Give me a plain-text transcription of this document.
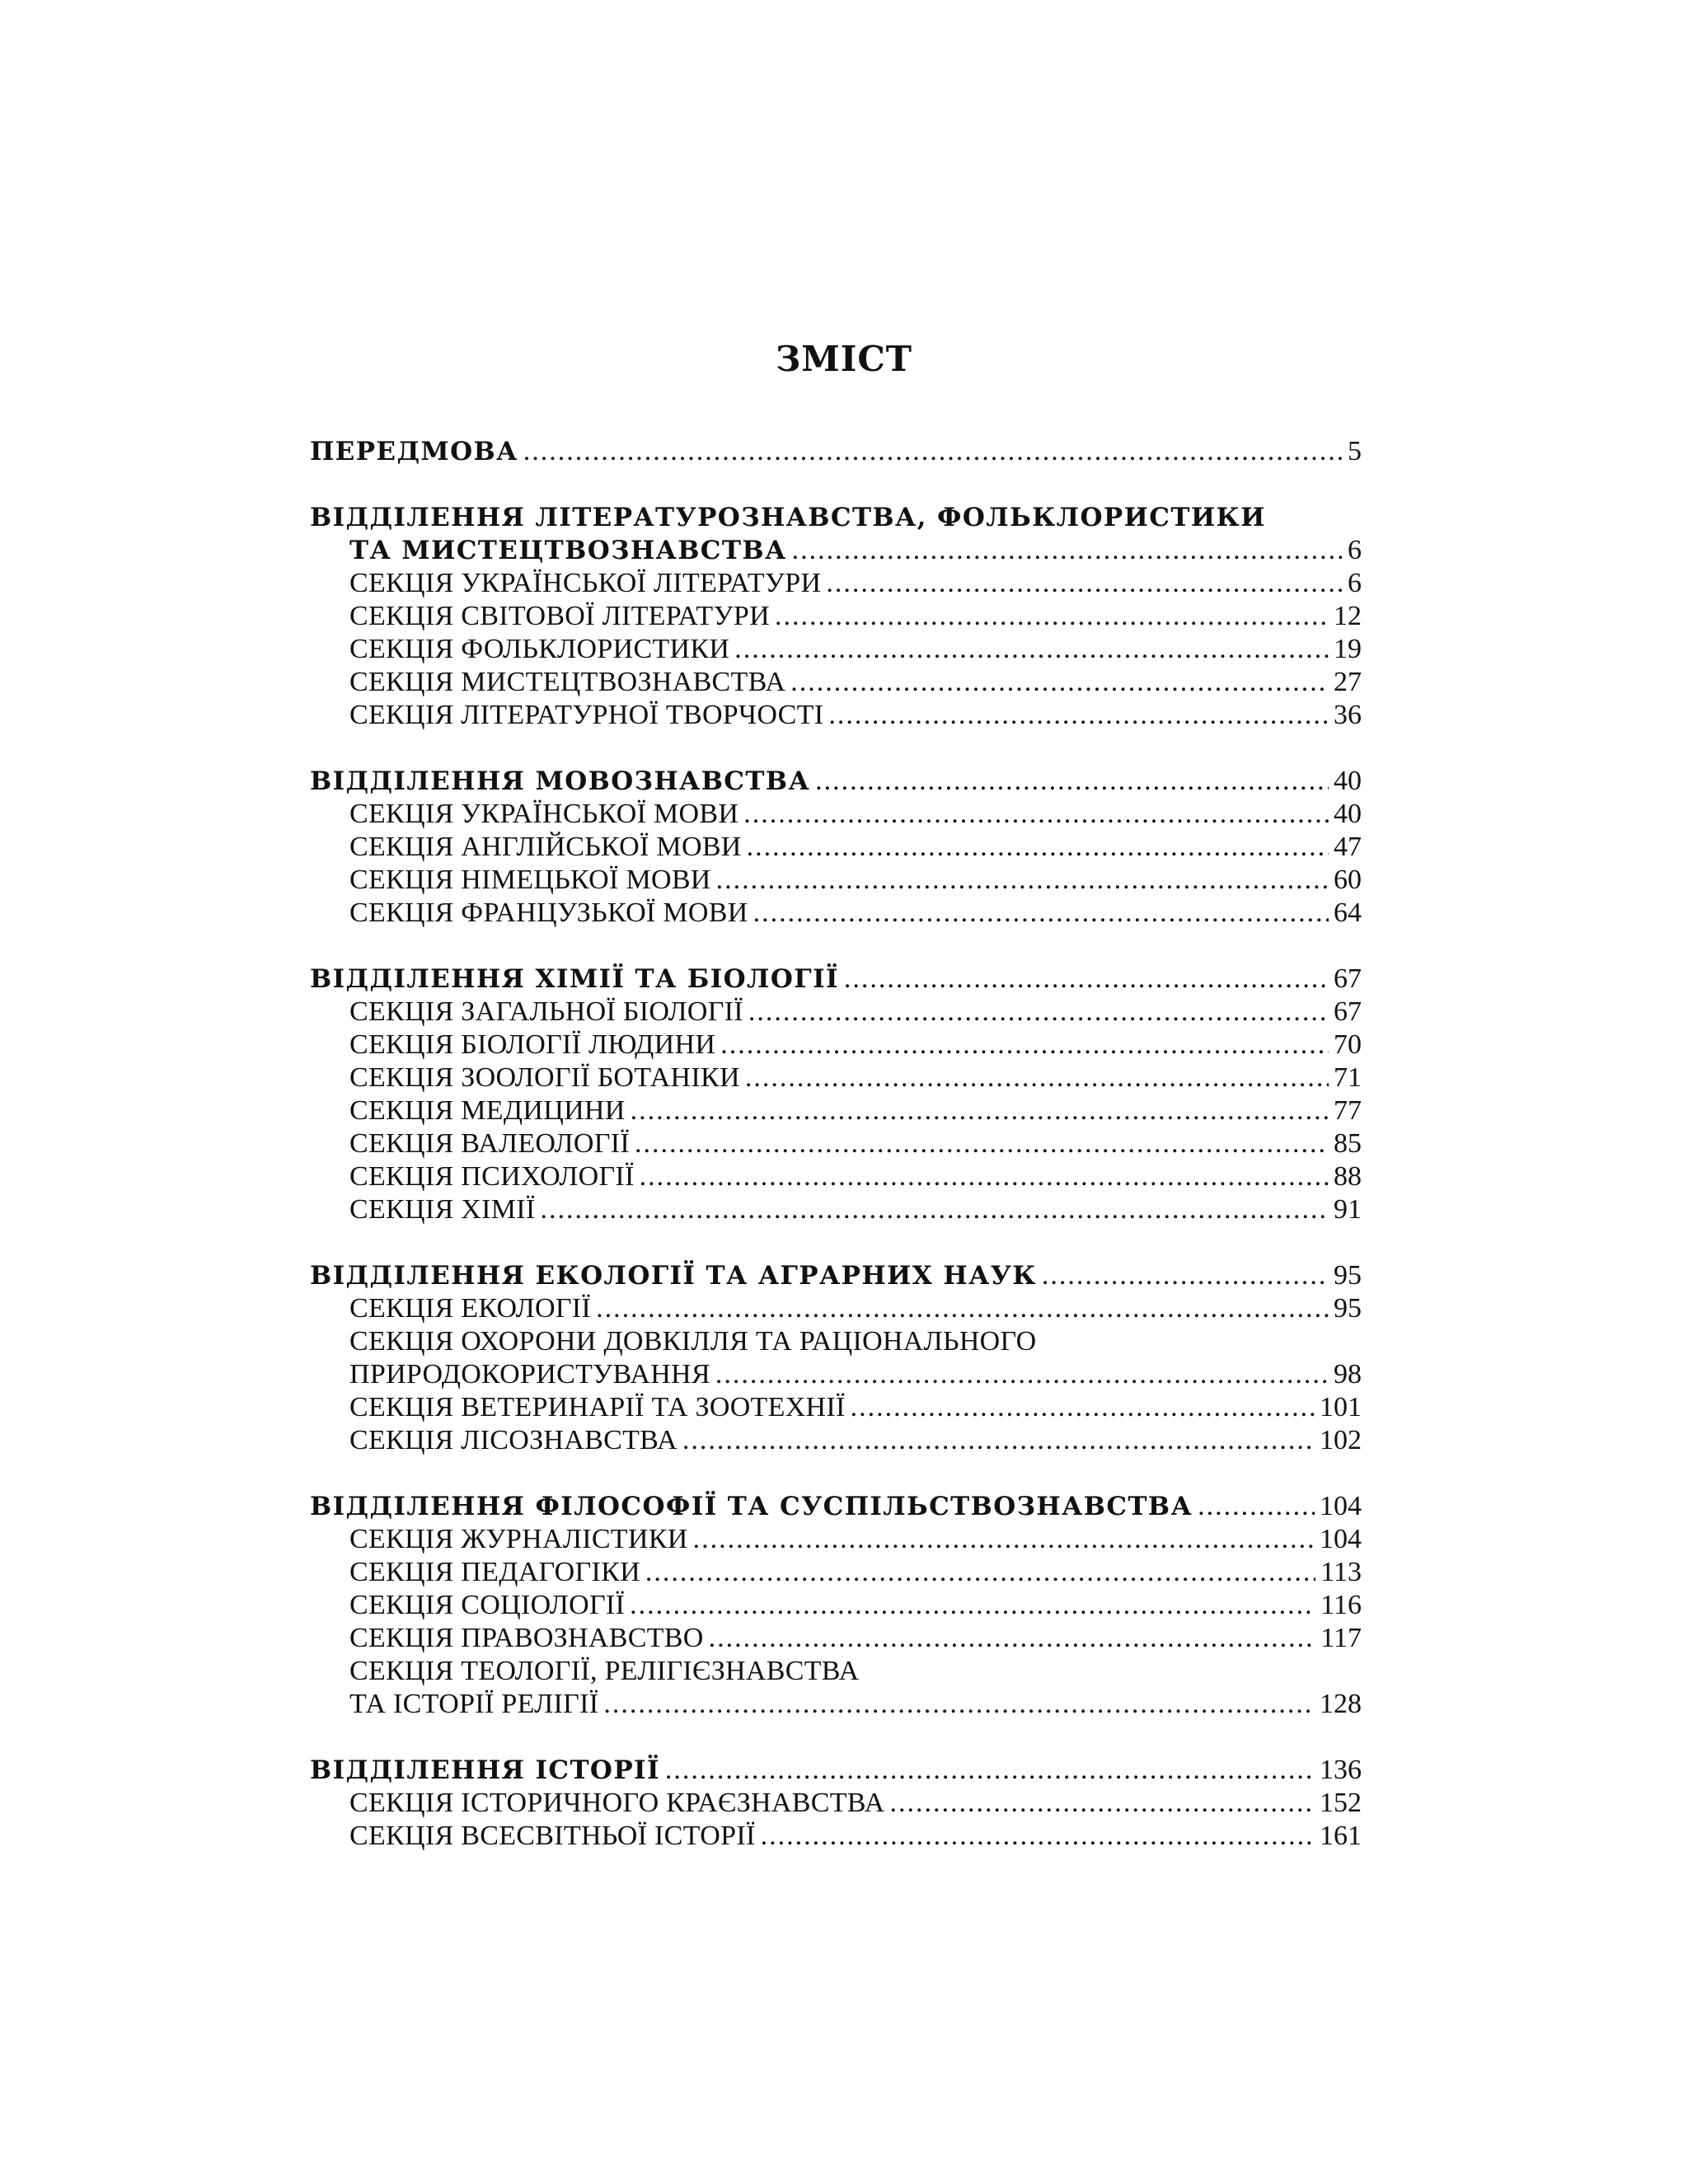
ЗМІСТ
ПЕРЕДМОВА .....	5
ВІДДІЛЕННЯ ЛІТЕРАТУРОЗНАВСТВА, ФОЛЬКЛОРИСТИКИ
ТА МИСТЕЦТВОЗНАВСТВА .....	6
СЕКЦІЯ УКРАЇНСЬКОЇ ЛІТЕРАТУРИ .....	6
СЕКЦІЯ СВІТОВОЇ ЛІТЕРАТУРИ .....	12
СЕКЦІЯ ФОЛЬКЛОРИСТИКИ .....	19
СЕКЦІЯ МИСТЕЦТВОЗНАВСТВА .....	27
СЕКЦІЯ ЛІТЕРАТУРНОЇ ТВОРЧОСТІ .....	36
ВІДДІЛЕННЯ МОВОЗНАВСТВА .....	40
СЕКЦІЯ УКРАЇНСЬКОЇ МОВИ .....	40
СЕКЦІЯ АНГЛІЙСЬКОЇ МОВИ .....	47
СЕКЦІЯ НІМЕЦЬКОЇ МОВИ .....	60
СЕКЦІЯ ФРАНЦУЗЬКОЇ МОВИ .....	64
ВІДДІЛЕННЯ ХІМІЇ ТА БІОЛОГІЇ .....	67
СЕКЦІЯ ЗАГАЛЬНОЇ БІОЛОГІЇ .....	67
СЕКЦІЯ БІОЛОГІЇ ЛЮДИНИ .....	70
СЕКЦІЯ ЗООЛОГІЇ БОТАНІКИ .....	71
СЕКЦІЯ МЕДИЦИНИ .....	77
СЕКЦІЯ ВАЛЕОЛОГІЇ .....	85
СЕКЦІЯ ПСИХОЛОГІЇ .....	88
СЕКЦІЯ ХІМІЇ .....	91
ВІДДІЛЕННЯ ЕКОЛОГІЇ ТА АГРАРНИХ НАУК .....	95
СЕКЦІЯ ЕКОЛОГІЇ .....	95
СЕКЦІЯ ОХОРОНИ ДОВКІЛЛЯ ТА РАЦІОНАЛЬНОГО
ПРИРОДОКОРИСТУВАННЯ .....	98
СЕКЦІЯ ВЕТЕРИНАРІЇ ТА ЗООТЕХНІЇ .....	101
СЕКЦІЯ ЛІСОЗНАВСТВА .....	102
ВІДДІЛЕННЯ ФІЛОСОФІЇ ТА СУСПІЛЬСТВОЗНАВСТВА .....	104
СЕКЦІЯ ЖУРНАЛІСТИКИ .....	104
СЕКЦІЯ ПЕДАГОГІКИ .....	113
СЕКЦІЯ СОЦІОЛОГІЇ .....	116
СЕКЦІЯ ПРАВОЗНАВСТВО .....	117
СЕКЦІЯ ТЕОЛОГІЇ, РЕЛІГІЄЗНАВСТВА
ТА ІСТОРІЇ РЕЛІГІЇ .....	128
ВІДДІЛЕННЯ ІСТОРІЇ .....	136
СЕКЦІЯ ІСТОРИЧНОГО КРАЄЗНАВСТВА .....	152
СЕКЦІЯ ВСЕСВІТНЬОЇ ІСТОРІЇ .....	161
